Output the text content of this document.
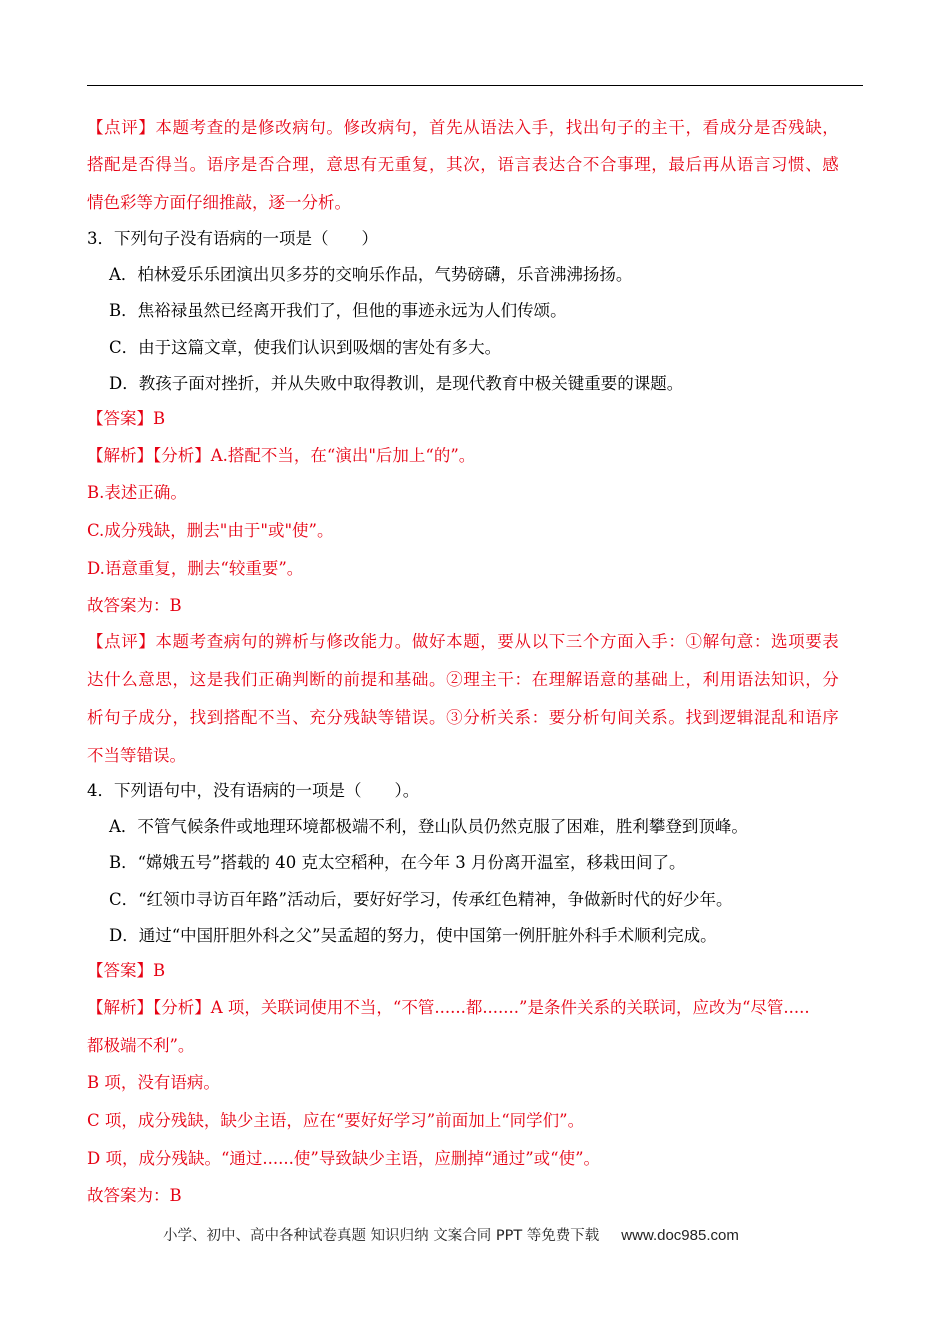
【点评】本题考查的是修改病句。修改病句，首先从语法入手，找出句子的主干，看成分是否残缺，
搭配是否得当。语序是否合理，意思有无重复，其次，语言表达合不合事理，最后再从语言习惯、感
情色彩等方面仔细推敲，逐一分析。
3．下列句子没有语病的一项是（　　）
A．柏林爱乐乐团演出贝多芬的交响乐作品，气势磅礴，乐音沸沸扬扬。
B．焦裕禄虽然已经离开我们了，但他的事迹永远为人们传颂。
C．由于这篇文章，使我们认识到吸烟的害处有多大。
D．教孩子面对挫折，并从失败中取得教训，是现代教育中极关键重要的课题。
【答案】B
【解析】【分析】A.搭配不当，在“演出"后加上“的”。
B.表述正确。
C.成分残缺，删去"由于"或"使”。
D.语意重复，删去“较重要”。
故答案为：B
【点评】本题考查病句的辨析与修改能力。做好本题，要从以下三个方面入手：①解句意：选项要表
达什么意思，这是我们正确判断的前提和基础。②理主干：在理解语意的基础上，利用语法知识，分
析句子成分，找到搭配不当、充分残缺等错误。③分析关系：要分析句间关系。找到逻辑混乱和语序
不当等错误。
4．下列语句中，没有语病的一项是（　　）。
A．不管气候条件或地理环境都极端不利，登山队员仍然克服了困难，胜利攀登到顶峰。
B．“嫦娥五号”搭载的 40 克太空稻种，在今年 3 月份离开温室，移栽田间了。
C．“红领巾寻访百年路”活动后，要好好学习，传承红色精神，争做新时代的好少年。
D．通过“中国肝胆外科之父”吴孟超的努力，使中国第一例肝脏外科手术顺利完成。
【答案】B
【解析】【分析】A 项，关联词使用不当，“不管......都.......”是条件关系的关联词，应改为“尽管.....
都极端不利”。
B 项，没有语病。
C 项，成分残缺，缺少主语，应在“要好好学习”前面加上“同学们”。
D 项，成分残缺。“通过......使”导致缺少主语，应删掉“通过”或“使”。
故答案为：B
小学、初中、高中各种试卷真题 知识归纳 文案合同 PPT 等免费下载 www.doc985.com
